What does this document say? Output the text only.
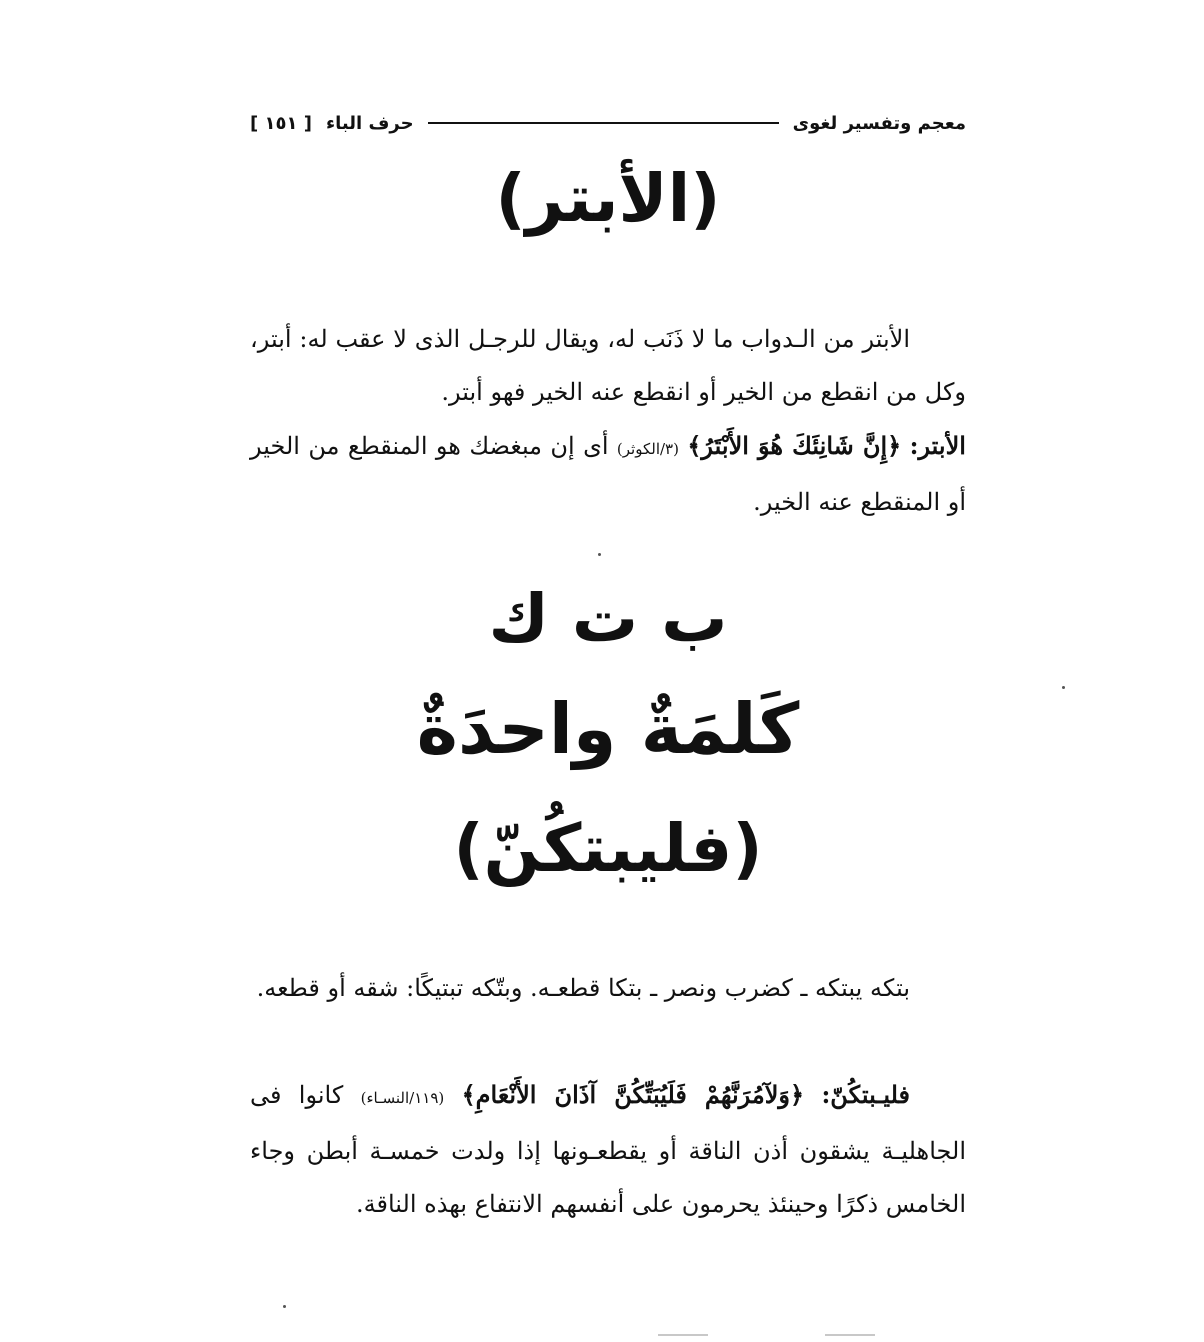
معجم وتفسير لغوى
حرف الباء
[ ١٥١ ]
(الأبتر)

الأبتر من الـدواب ما لا ذَنَب له، ويقال للرجـل الذى لا عقب له: أبتر، وكل من انقطع من الخير أو انقطع عنه الخير فهو أبتر.

الأبتر: ﴿إِنَّ شَانِئَكَ هُوَ الأَبْتَرُ﴾ (٣/الكوثر) أى إن مبغضك هو المنقطع من الخير أو المنقطع عنه الخير.

ب ت ك
كَلمَةٌ واحدَةٌ
(فليبتكُنّ)

بتكه يبتكه ـ كضرب ونصر ـ بتكا قطعـه. وبتّكه تبتيكًا: شقه أو قطعه.

فليـبتكُنّ: ﴿وَلآمُرَنَّهُمْ فَلَيُبَتِّكُنَّ آذَانَ الأَنْعَامِ﴾ (١١٩/النسـاء) كانوا فى الجاهليـة يشقون أذن الناقة أو يقطعـونها إذا ولدت خمسـة أبطن وجاء الخامس ذكرًا وحينئذ يحرمون على أنفسهم الانتفاع بهذه الناقة.
